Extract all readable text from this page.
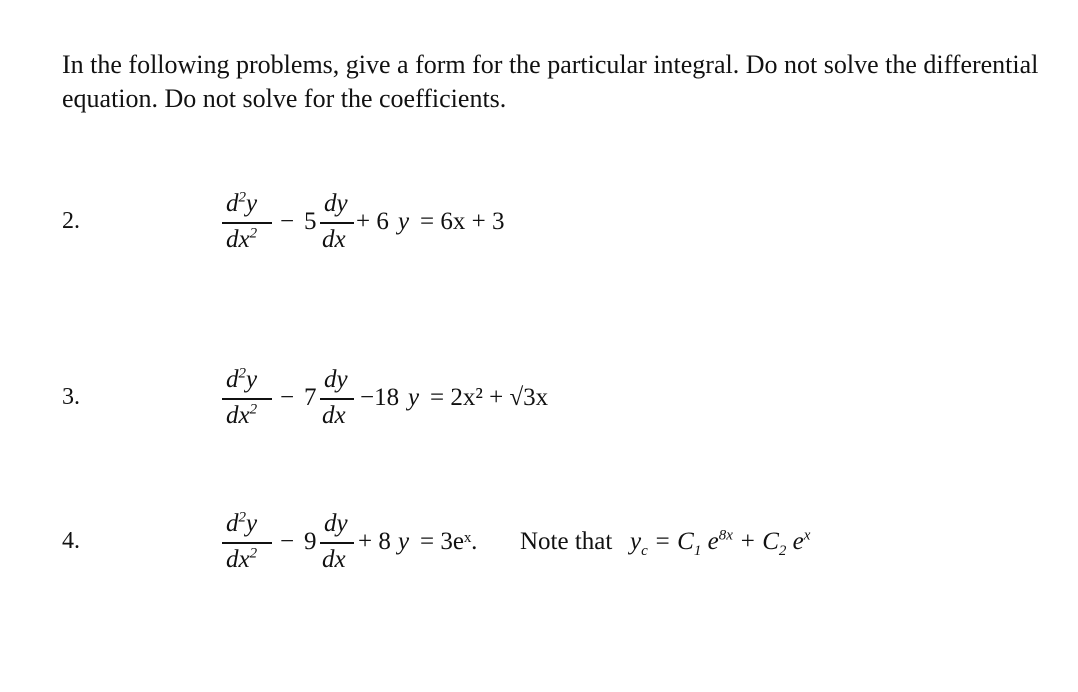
In the following problems, give a form for the particular integral. Do not solve the differential equation. Do not solve for the coefficients.

2.
$d^2y$
$dx^2 - 5$
dy
dx
+ 6 y = 6x + 3
3.
$d^2y$
$dx^2 - 7$
dy
dx
−18 y = 2x² + √3x
4.
$d^2y$
$dx^2 - 9$
dy
dx
+ 8 y = 3eˣ. Note that $y_c = C_1$ $e^{8x} + C_2$ $e^x$
